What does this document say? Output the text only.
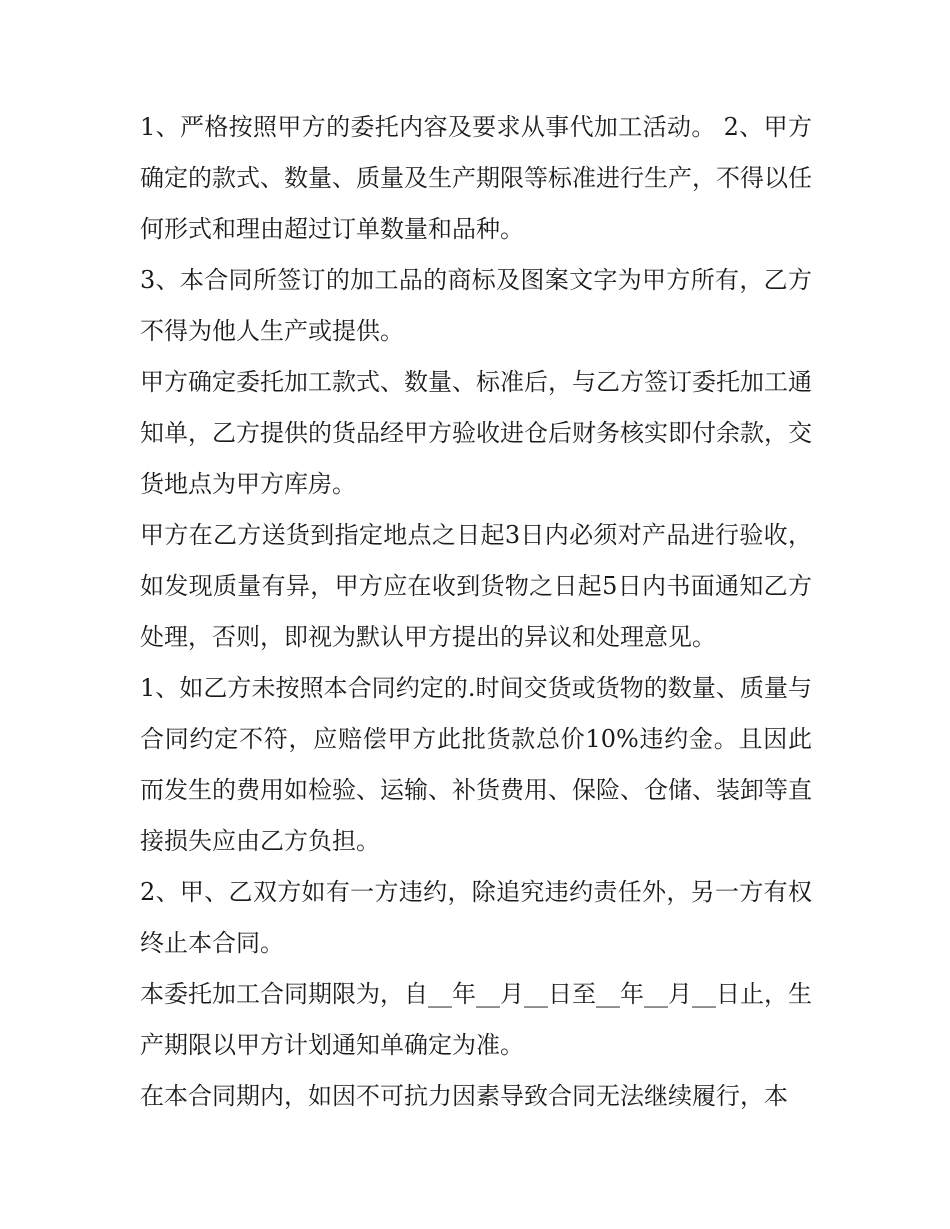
1、严格按照甲方的委托内容及要求从事代加工活动。 2、甲方确定的款式、数量、质量及生产期限等标准进行生产，不得以任何形式和理由超过订单数量和品种。

3、本合同所签订的加工品的商标及图案文字为甲方所有，乙方不得为他人生产或提供。

甲方确定委托加工款式、数量、标准后，与乙方签订委托加工通知单，乙方提供的货品经甲方验收进仓后财务核实即付余款，交货地点为甲方库房。

甲方在乙方送货到指定地点之日起3日内必须对产品进行验收，如发现质量有异，甲方应在收到货物之日起5日内书面通知乙方处理，否则，即视为默认甲方提出的异议和处理意见。

1、如乙方未按照本合同约定的.时间交货或货物的数量、质量与合同约定不符，应赔偿甲方此批货款总价10%违约金。且因此而发生的费用如检验、运输、补货费用、保险、仓储、装卸等直接损失应由乙方负担。

2、甲、乙双方如有一方违约，除追究违约责任外，另一方有权终止本合同。

本委托加工合同期限为，自__年__月__日至__年__月__日止，生产期限以甲方计划通知单确定为准。

在本合同期内，如因不可抗力因素导致合同无法继续履行，本
